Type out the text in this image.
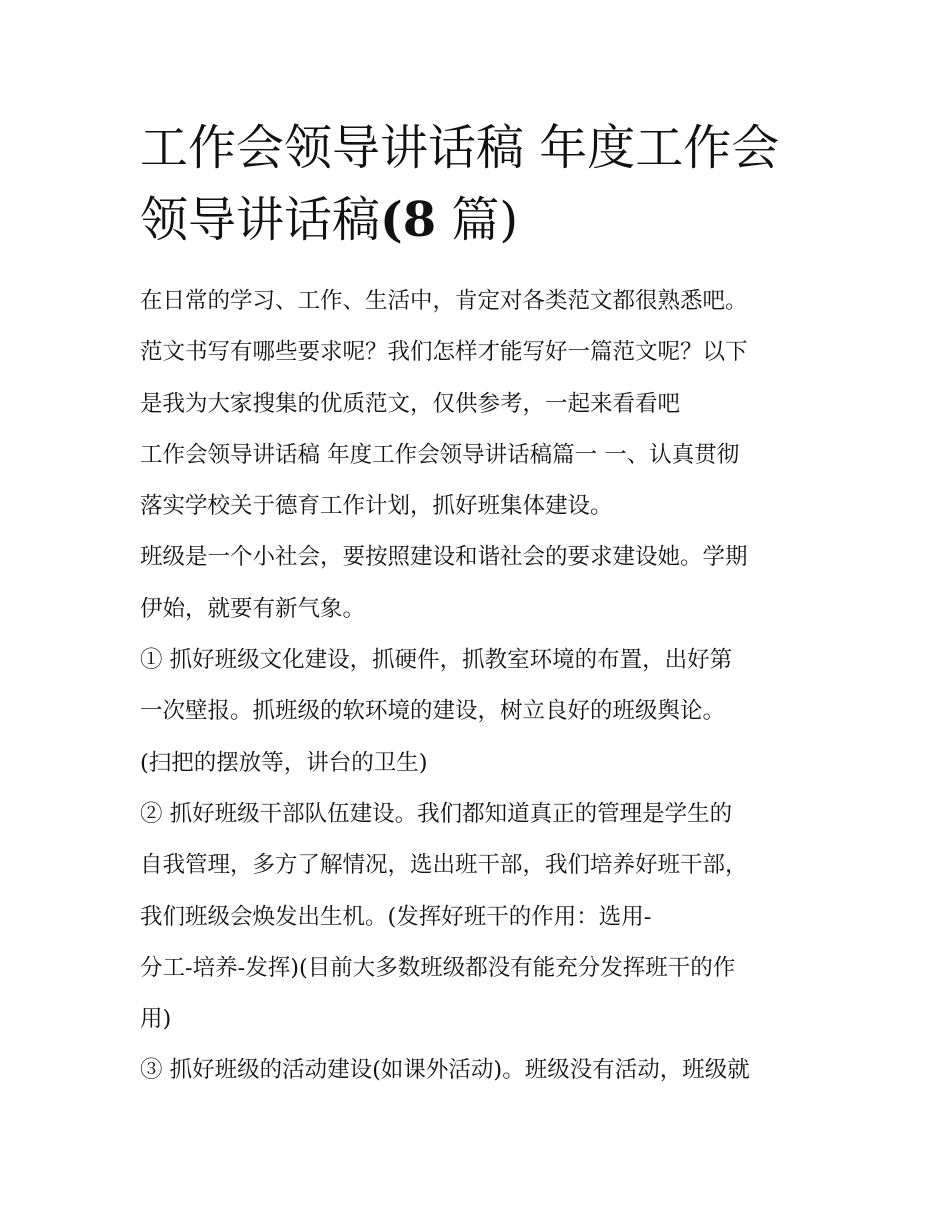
工作会领导讲话稿 年度工作会
领导讲话稿(8 篇)
在日常的学习、工作、生活中，肯定对各类范文都很熟悉吧。
范文书写有哪些要求呢？我们怎样才能写好一篇范文呢？以下
是我为大家搜集的优质范文，仅供参考，一起来看看吧
工作会领导讲话稿 年度工作会领导讲话稿篇一 一、认真贯彻
落实学校关于德育工作计划，抓好班集体建设。
班级是一个小社会，要按照建设和谐社会的要求建设她。学期
伊始，就要有新气象。
① 抓好班级文化建设，抓硬件，抓教室环境的布置，出好第
一次壁报。抓班级的软环境的建设，树立良好的班级舆论。
(扫把的摆放等，讲台的卫生)
② 抓好班级干部队伍建设。我们都知道真正的管理是学生的
自我管理，多方了解情况，选出班干部，我们培养好班干部，
我们班级会焕发出生机。(发挥好班干的作用：选用-
分工-培养-发挥)(目前大多数班级都没有能充分发挥班干的作
用)
③ 抓好班级的活动建设(如课外活动)。班级没有活动，班级就
